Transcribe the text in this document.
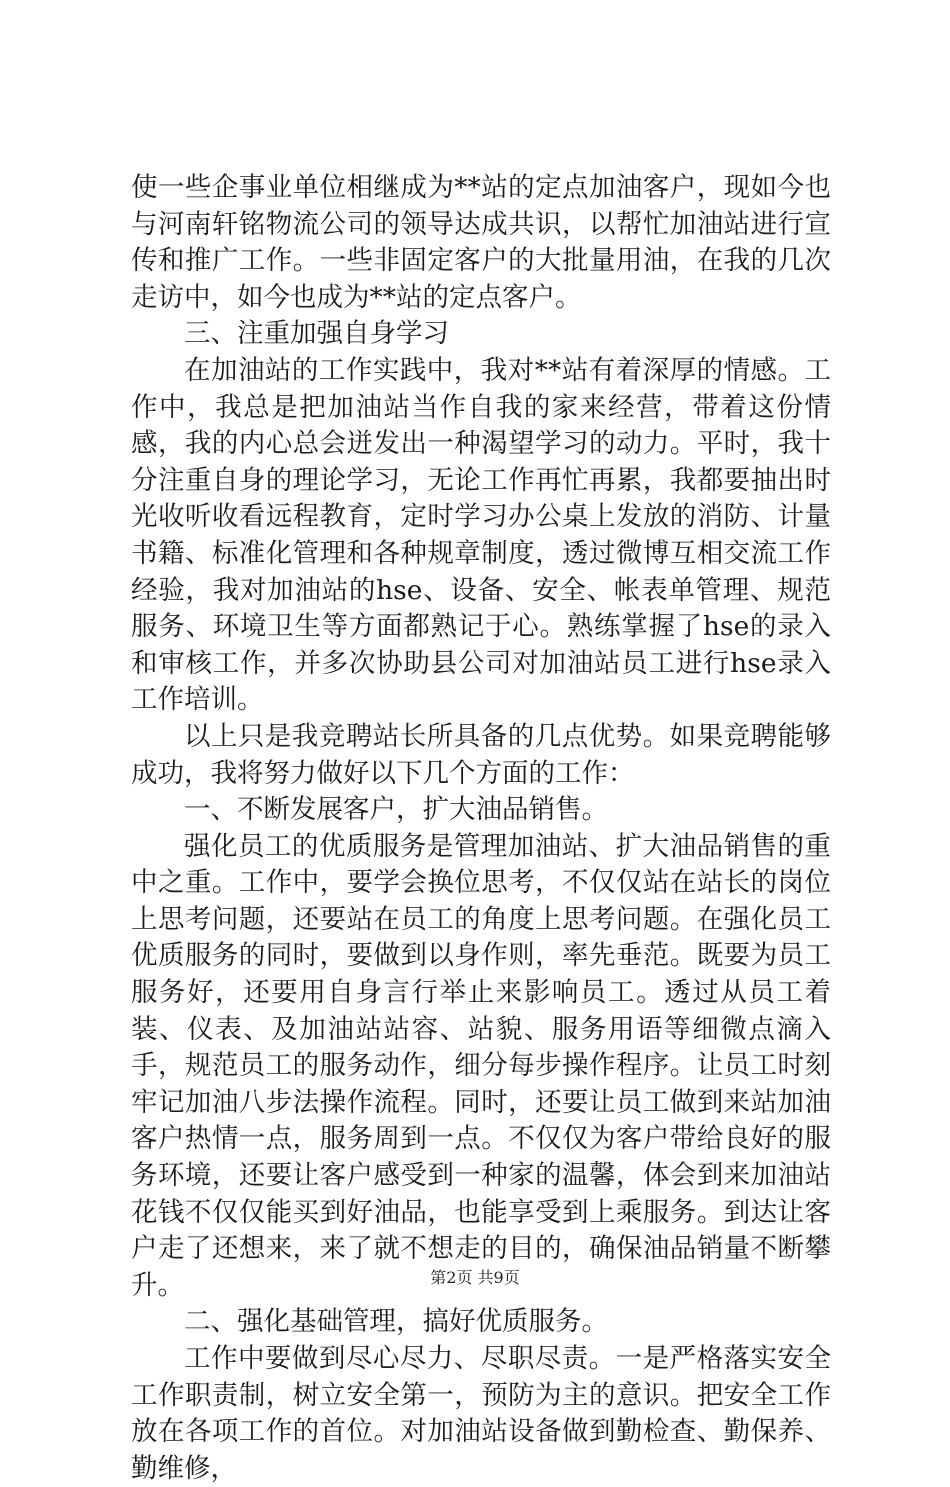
使一些企事业单位相继成为**站的定点加油客户，现如今也与河南轩铭物流公司的领导达成共识，以帮忙加油站进行宣传和推广工作。一些非固定客户的大批量用油，在我的几次走访中，如今也成为**站的定点客户。

三、注重加强自身学习

在加油站的工作实践中，我对**站有着深厚的情感。工作中，我总是把加油站当作自我的家来经营，带着这份情感，我的内心总会迸发出一种渴望学习的动力。平时，我十分注重自身的理论学习，无论工作再忙再累，我都要抽出时光收听收看远程教育，定时学习办公桌上发放的消防、计量书籍、标准化管理和各种规章制度，透过微博互相交流工作经验，我对加油站的hse、设备、安全、帐表单管理、规范服务、环境卫生等方面都熟记于心。熟练掌握了hse的录入和审核工作，并多次协助县公司对加油站员工进行hse录入工作培训。

以上只是我竞聘站长所具备的几点优势。如果竞聘能够成功，我将努力做好以下几个方面的工作：

一、不断发展客户，扩大油品销售。

强化员工的优质服务是管理加油站、扩大油品销售的重中之重。工作中，要学会换位思考，不仅仅站在站长的岗位上思考问题，还要站在员工的角度上思考问题。在强化员工优质服务的同时，要做到以身作则，率先垂范。既要为员工服务好，还要用自身言行举止来影响员工。透过从员工着装、仪表、及加油站站容、站貌、服务用语等细微点滴入手，规范员工的服务动作，细分每步操作程序。让员工时刻牢记加油八步法操作流程。同时，还要让员工做到来站加油客户热情一点，服务周到一点。不仅仅为客户带给良好的服务环境，还要让客户感受到一种家的温馨，体会到来加油站花钱不仅仅能买到好油品，也能享受到上乘服务。到达让客户走了还想来，来了就不想走的目的，确保油品销量不断攀升。

二、强化基础管理，搞好优质服务。

工作中要做到尽心尽力、尽职尽责。一是严格落实安全工作职责制，树立安全第一，预防为主的意识。把安全工作放在各项工作的首位。对加油站设备做到勤检查、勤保养、勤维修，

第2页 共9页
